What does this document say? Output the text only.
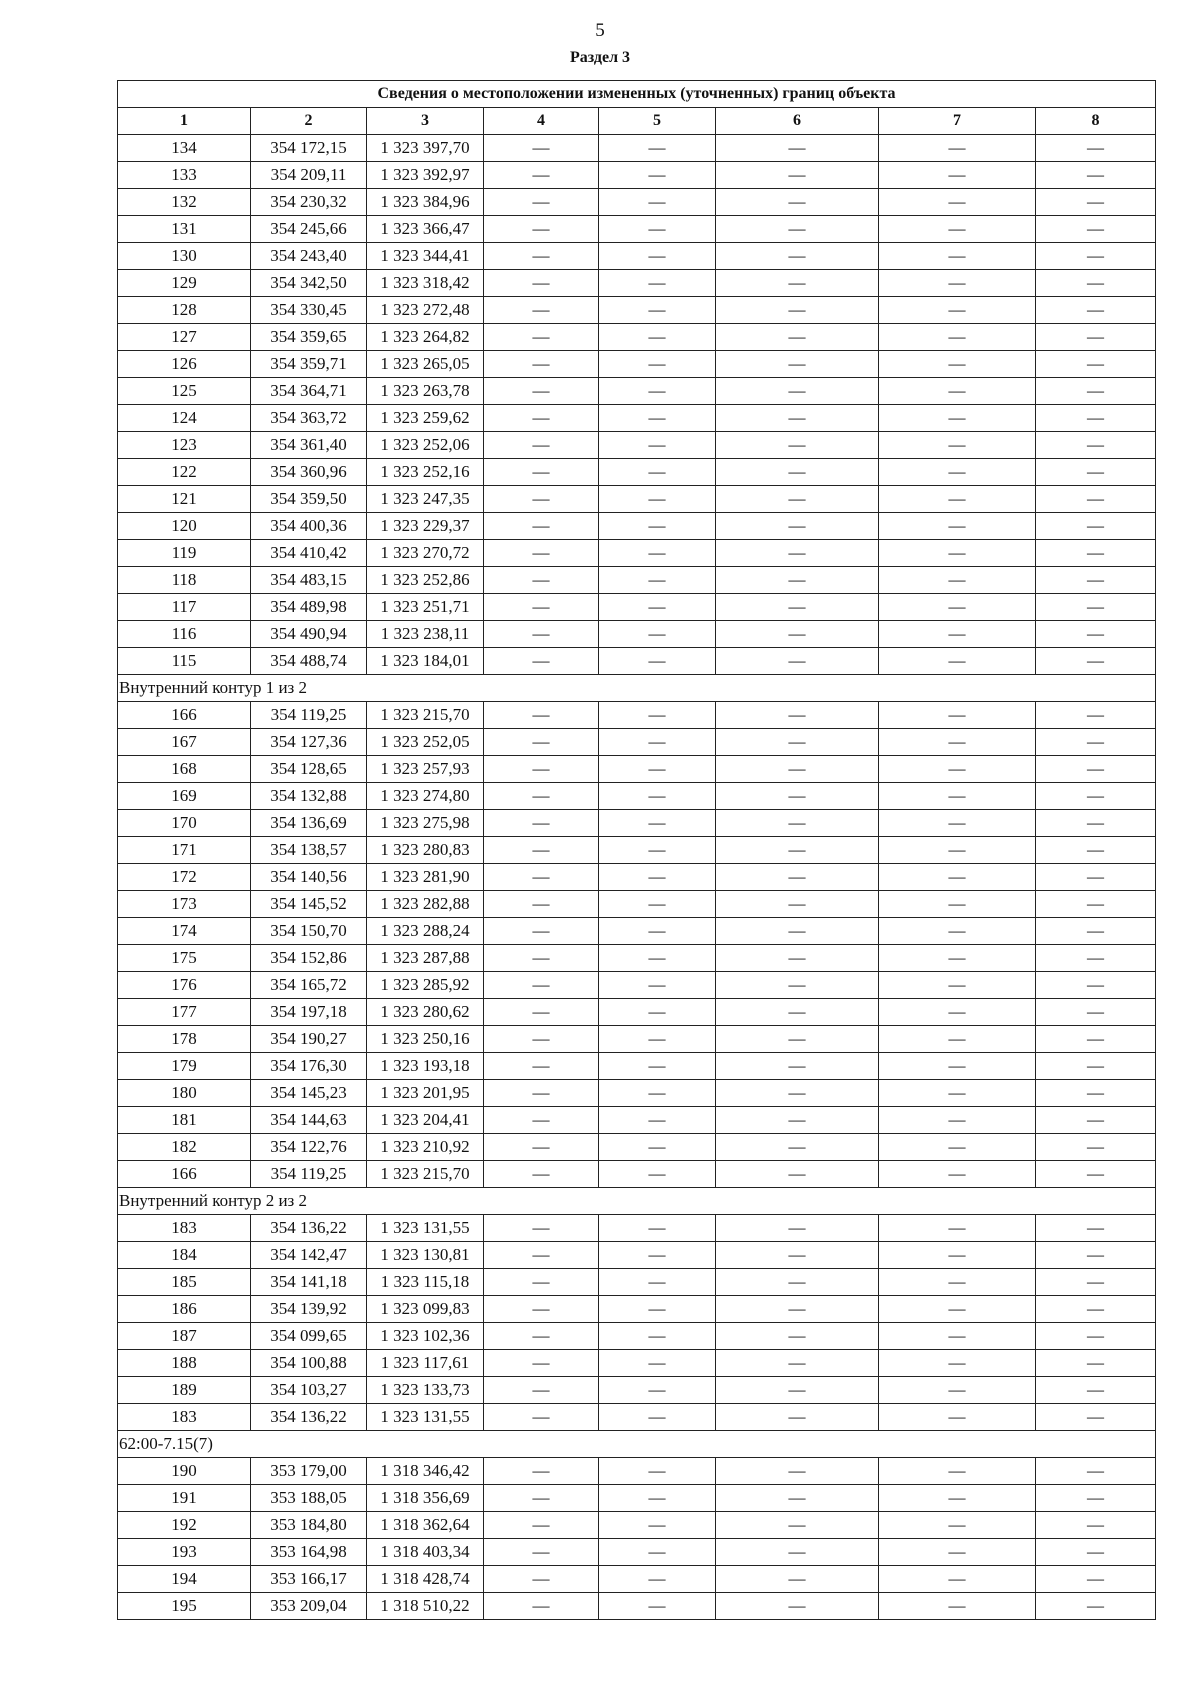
5
Раздел 3
Сведения о местоположении измененных (уточненных) границ объекта							
1	2	3	4	5	6	7	8
134	354 172,15	1 323 397,70	—	—	—	—	—
133	354 209,11	1 323 392,97	—	—	—	—	—
132	354 230,32	1 323 384,96	—	—	—	—	—
131	354 245,66	1 323 366,47	—	—	—	—	—
130	354 243,40	1 323 344,41	—	—	—	—	—
129	354 342,50	1 323 318,42	—	—	—	—	—
128	354 330,45	1 323 272,48	—	—	—	—	—
127	354 359,65	1 323 264,82	—	—	—	—	—
126	354 359,71	1 323 265,05	—	—	—	—	—
125	354 364,71	1 323 263,78	—	—	—	—	—
124	354 363,72	1 323 259,62	—	—	—	—	—
123	354 361,40	1 323 252,06	—	—	—	—	—
122	354 360,96	1 323 252,16	—	—	—	—	—
121	354 359,50	1 323 247,35	—	—	—	—	—
120	354 400,36	1 323 229,37	—	—	—	—	—
119	354 410,42	1 323 270,72	—	—	—	—	—
118	354 483,15	1 323 252,86	—	—	—	—	—
117	354 489,98	1 323 251,71	—	—	—	—	—
116	354 490,94	1 323 238,11	—	—	—	—	—
115	354 488,74	1 323 184,01	—	—	—	—	—
Внутренний контур 1 из 2							
166	354 119,25	1 323 215,70	—	—	—	—	—
167	354 127,36	1 323 252,05	—	—	—	—	—
168	354 128,65	1 323 257,93	—	—	—	—	—
169	354 132,88	1 323 274,80	—	—	—	—	—
170	354 136,69	1 323 275,98	—	—	—	—	—
171	354 138,57	1 323 280,83	—	—	—	—	—
172	354 140,56	1 323 281,90	—	—	—	—	—
173	354 145,52	1 323 282,88	—	—	—	—	—
174	354 150,70	1 323 288,24	—	—	—	—	—
175	354 152,86	1 323 287,88	—	—	—	—	—
176	354 165,72	1 323 285,92	—	—	—	—	—
177	354 197,18	1 323 280,62	—	—	—	—	—
178	354 190,27	1 323 250,16	—	—	—	—	—
179	354 176,30	1 323 193,18	—	—	—	—	—
180	354 145,23	1 323 201,95	—	—	—	—	—
181	354 144,63	1 323 204,41	—	—	—	—	—
182	354 122,76	1 323 210,92	—	—	—	—	—
166	354 119,25	1 323 215,70	—	—	—	—	—
Внутренний контур 2 из 2							
183	354 136,22	1 323 131,55	—	—	—	—	—
184	354 142,47	1 323 130,81	—	—	—	—	—
185	354 141,18	1 323 115,18	—	—	—	—	—
186	354 139,92	1 323 099,83	—	—	—	—	—
187	354 099,65	1 323 102,36	—	—	—	—	—
188	354 100,88	1 323 117,61	—	—	—	—	—
189	354 103,27	1 323 133,73	—	—	—	—	—
183	354 136,22	1 323 131,55	—	—	—	—	—
62:00-7.15(7)							
190	353 179,00	1 318 346,42	—	—	—	—	—
191	353 188,05	1 318 356,69	—	—	—	—	—
192	353 184,80	1 318 362,64	—	—	—	—	—
193	353 164,98	1 318 403,34	—	—	—	—	—
194	353 166,17	1 318 428,74	—	—	—	—	—
195	353 209,04	1 318 510,22	—	—	—	—	—
